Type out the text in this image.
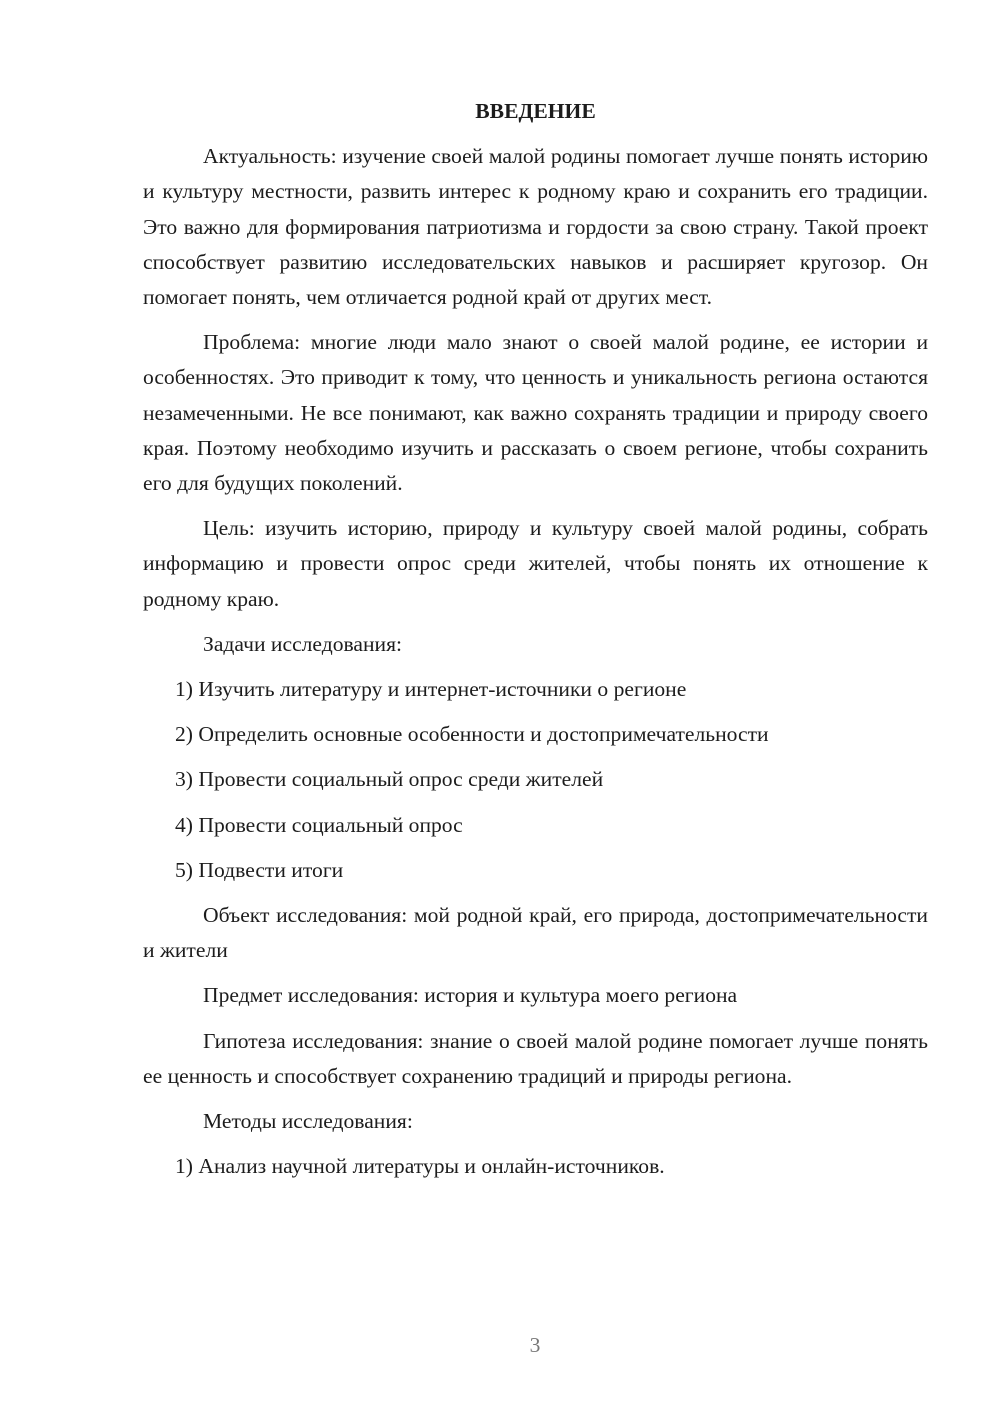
ВВЕДЕНИЕ

Актуальность: изучение своей малой родины помогает лучше понять историю и культуру местности, развить интерес к родному краю и сохранить его традиции. Это важно для формирования патриотизма и гордости за свою страну. Такой проект способствует развитию исследовательских навыков и расширяет кругозор. Он помогает понять, чем отличается родной край от других мест.

Проблема: многие люди мало знают о своей малой родине, ее истории и особенностях. Это приводит к тому, что ценность и уникальность региона остаются незамеченными. Не все понимают, как важно сохранять традиции и природу своего края. Поэтому необходимо изучить и рассказать о своем регионе, чтобы сохранить его для будущих поколений.

Цель: изучить историю, природу и культуру своей малой родины, собрать информацию и провести опрос среди жителей, чтобы понять их отношение к родному краю.

Задачи исследования:

1) Изучить литературу и интернет-источники о регионе

2) Определить основные особенности и достопримечательности

3) Провести социальный опрос среди жителей

4) Провести социальный опрос

5) Подвести итоги

Объект исследования: мой родной край, его природа, достопримечательности и жители

Предмет исследования: история и культура моего региона

Гипотеза исследования: знание о своей малой родине помогает лучше понять ее ценность и способствует сохранению традиций и природы региона.

Методы исследования:

1) Анализ научной литературы и онлайн-источников.

3
